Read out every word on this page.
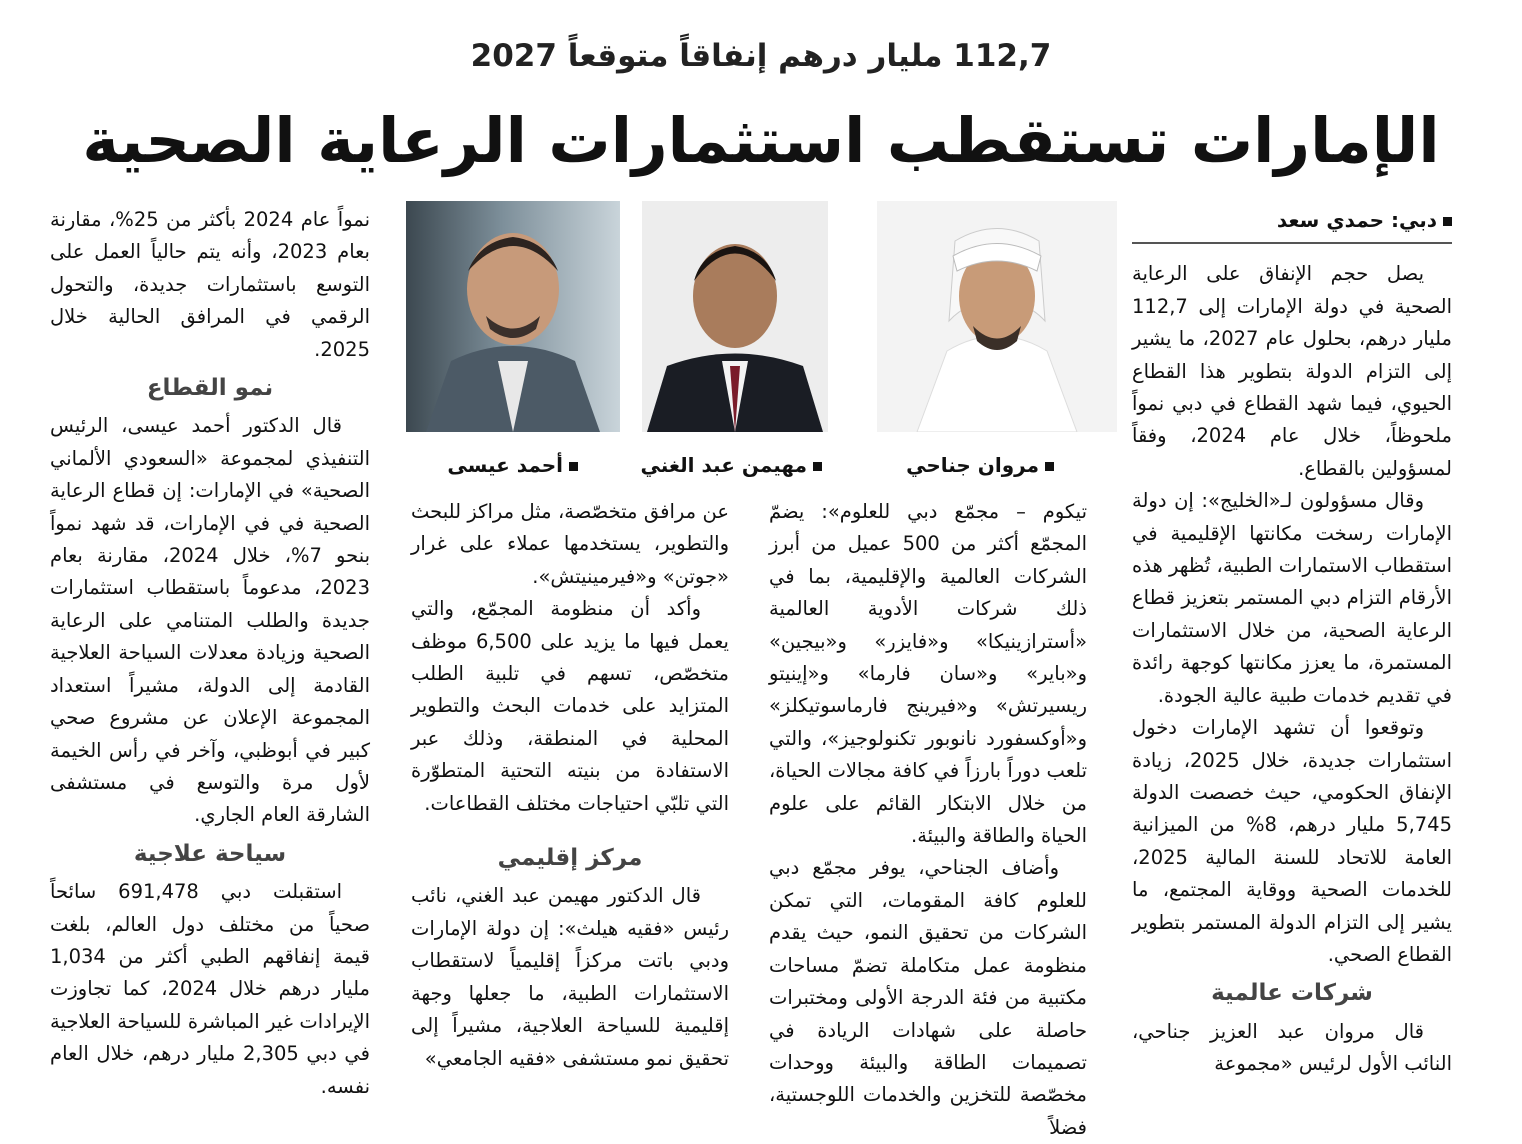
112,7 مليار درهم إنفاقاً متوقعاً 2027
الإمارات تستقطب استثمارات الرعاية الصحية
مروان جناحي
مهيمن عبد الغني
أحمد عيسى
دبي: حمدي سعد

يصل حجم الإنفاق على الرعاية الصحية في دولة الإمارات إلى 112,7 مليار درهم، بحلول عام 2027، ما يشير إلى التزام الدولة بتطوير هذا القطاع الحيوي، فيما شهد القطاع في دبي نمواً ملحوظاً، خلال عام 2024، وفقاً لمسؤولين بالقطاع.

وقال مسؤولون لـ«الخليج»: إن دولة الإمارات رسخت مكانتها الإقليمية في استقطاب الاستمارات الطبية، تُظهر هذه الأرقام التزام دبي المستمر بتعزيز قطاع الرعاية الصحية، من خلال الاستثمارات المستمرة، ما يعزز مكانتها كوجهة رائدة في تقديم خدمات طبية عالية الجودة.

وتوقعوا أن تشهد الإمارات دخول استثمارات جديدة، خلال 2025، زيادة الإنفاق الحكومي، حيث خصصت الدولة 5,745 مليار درهم، 8% من الميزانية العامة للاتحاد للسنة المالية 2025، للخدمات الصحية ووقاية المجتمع، ما يشير إلى التزام الدولة المستمر بتطوير القطاع الصحي.

شركات عالمية

قال مروان عبد العزيز جناحي، النائب الأول لرئيس «مجموعة

تيكوم – مجمّع دبي للعلوم»: يضمّ المجمّع أكثر من 500 عميل من أبرز الشركات العالمية والإقليمية، بما في ذلك شركات الأدوية العالمية «أسترازينيكا» و«فايزر» و«بيجين» و«باير» و«سان فارما» و«إينيتو ريسيرتش» و«فيرينج فارماسوتيكلز» و«أوكسفورد نانوبور تكنولوجيز»، والتي تلعب دوراً بارزاً في كافة مجالات الحياة، من خلال الابتكار القائم على علوم الحياة والطاقة والبيئة.

وأضاف الجناحي، يوفر مجمّع دبي للعلوم كافة المقومات، التي تمكن الشركات من تحقيق النمو، حيث يقدم منظومة عمل متكاملة تضمّ مساحات مكتبية من فئة الدرجة الأولى ومختبرات حاصلة على شهادات الريادة في تصميمات الطاقة والبيئة ووحدات مخصّصة للتخزين والخدمات اللوجستية، فضلاً

عن مرافق متخصّصة، مثل مراكز للبحث والتطوير، يستخدمها عملاء على غرار «جوتن» و«فيرمينيتش».

وأكد أن منظومة المجمّع، والتي يعمل فيها ما يزيد على 6,500 موظف متخصّص، تسهم في تلبية الطلب المتزايد على خدمات البحث والتطوير المحلية في المنطقة، وذلك عبر الاستفادة من بنيته التحتية المتطوّرة التي تلبّي احتياجات مختلف القطاعات.

مركز إقليمي

قال الدكتور مهيمن عبد الغني، نائب رئيس «فقيه هيلث»: إن دولة الإمارات ودبي باتت مركزاً إقليمياً لاستقطاب الاستثمارات الطبية، ما جعلها وجهة إقليمية للسياحة العلاجية، مشيراً إلى تحقيق نمو مستشفى «فقيه الجامعي»

نمواً عام 2024 بأكثر من 25%، مقارنة بعام 2023، وأنه يتم حالياً العمل على التوسع باستثمارات جديدة، والتحول الرقمي في المرافق الحالية خلال 2025.

نمو القطاع

قال الدكتور أحمد عيسى، الرئيس التنفيذي لمجموعة «السعودي الألماني الصحية» في الإمارات: إن قطاع الرعاية الصحية في في الإمارات، قد شهد نمواً بنحو 7%، خلال 2024، مقارنة بعام 2023، مدعوماً باستقطاب استثمارات جديدة والطلب المتنامي على الرعاية الصحية وزيادة معدلات السياحة العلاجية القادمة إلى الدولة، مشيراً استعداد المجموعة الإعلان عن مشروع صحي كبير في أبوظبي، وآخر في رأس الخيمة لأول مرة والتوسع في مستشفى الشارقة العام الجاري.

سياحة علاجية

استقبلت دبي 691,478 سائحاً صحياً من مختلف دول العالم، بلغت قيمة إنفاقهم الطبي أكثر من 1,034 مليار درهم خلال 2024، كما تجاوزت الإيرادات غير المباشرة للسياحة العلاجية في دبي 2,305 مليار درهم، خلال العام نفسه.
